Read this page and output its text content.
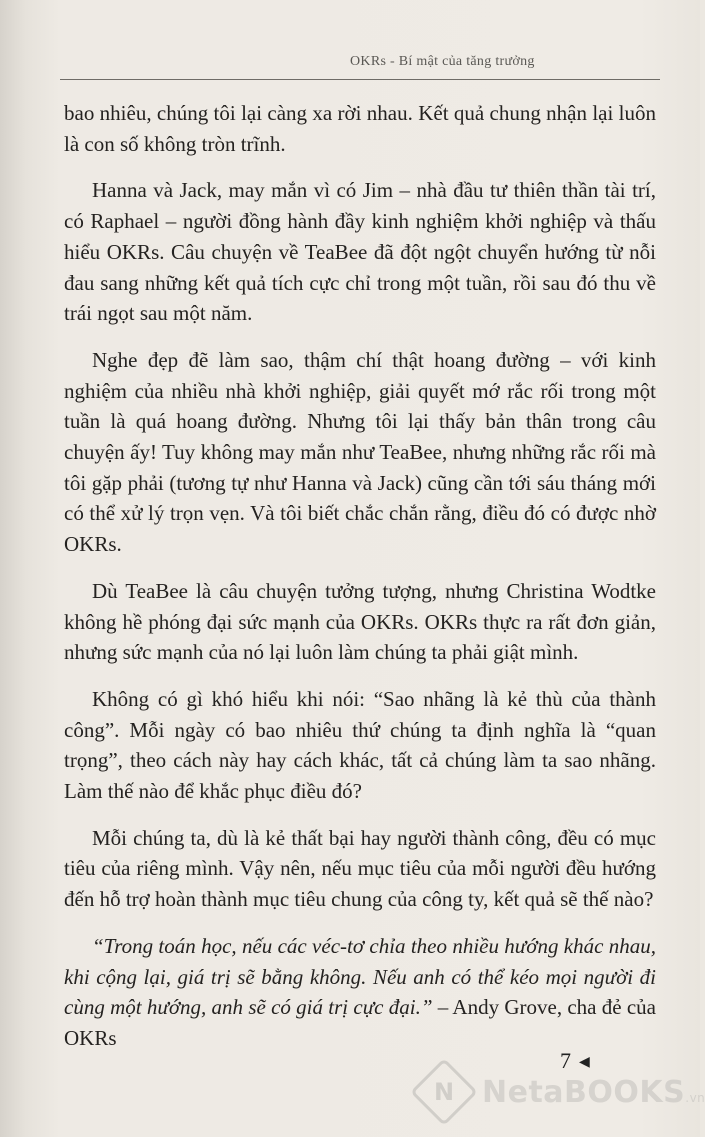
OKRs - Bí mật của tăng trưởng

bao nhiêu, chúng tôi lại càng xa rời nhau. Kết quả chung nhận lại luôn là con số không tròn trĩnh.

Hanna và Jack, may mắn vì có Jim – nhà đầu tư thiên thần tài trí, có Raphael – người đồng hành đầy kinh nghiệm khởi nghiệp và thấu hiểu OKRs. Câu chuyện về TeaBee đã đột ngột chuyển hướng từ nỗi đau sang những kết quả tích cực chỉ trong một tuần, rồi sau đó thu về trái ngọt sau một năm.

Nghe đẹp đẽ làm sao, thậm chí thật hoang đường – với kinh nghiệm của nhiều nhà khởi nghiệp, giải quyết mớ rắc rối trong một tuần là quá hoang đường. Nhưng tôi lại thấy bản thân trong câu chuyện ấy! Tuy không may mắn như TeaBee, nhưng những rắc rối mà tôi gặp phải (tương tự như Hanna và Jack) cũng cần tới sáu tháng mới có thể xử lý trọn vẹn. Và tôi biết chắc chắn rằng, điều đó có được nhờ OKRs.

Dù TeaBee là câu chuyện tưởng tượng, nhưng Christina Wodtke không hề phóng đại sức mạnh của OKRs. OKRs thực ra rất đơn giản, nhưng sức mạnh của nó lại luôn làm chúng ta phải giật mình.

Không có gì khó hiểu khi nói: “Sao nhãng là kẻ thù của thành công”. Mỗi ngày có bao nhiêu thứ chúng ta định nghĩa là “quan trọng”, theo cách này hay cách khác, tất cả chúng làm ta sao nhãng. Làm thế nào để khắc phục điều đó?

Mỗi chúng ta, dù là kẻ thất bại hay người thành công, đều có mục tiêu của riêng mình. Vậy nên, nếu mục tiêu của mỗi người đều hướng đến hỗ trợ hoàn thành mục tiêu chung của công ty, kết quả sẽ thế nào?

“Trong toán học, nếu các véc-tơ chỉa theo nhiều hướng khác nhau, khi cộng lại, giá trị sẽ bằng không. Nếu anh có thể kéo mọi người đi cùng một hướng, anh sẽ có giá trị cực đại.” – Andy Grove, cha đẻ của OKRs

7 ◀
N NetaBOOKS.vn
